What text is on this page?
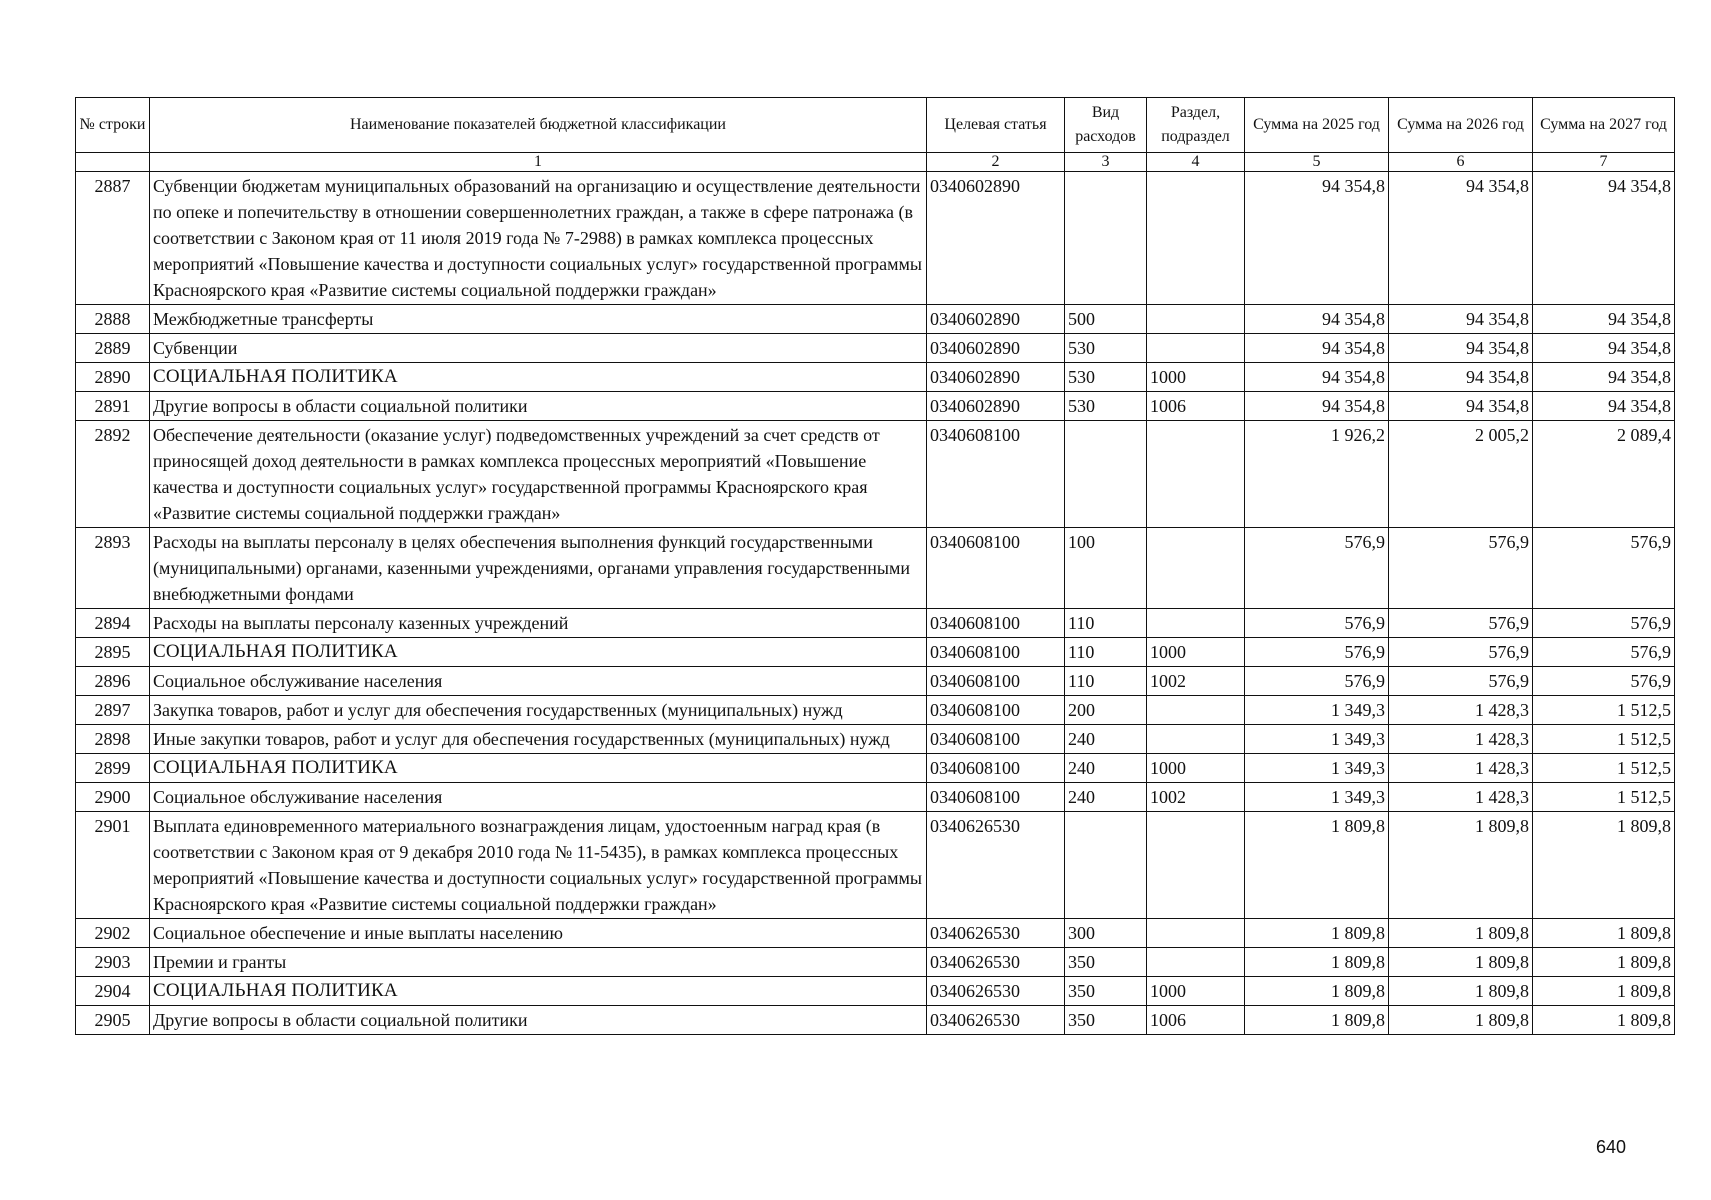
№ строки	Наименование показателей бюджетной классификации	Целевая статья	Вид расходов	Раздел, подраздел	Сумма на 2025 год	Сумма на 2026 год	Сумма на 2027 год
	1	2	3	4	5	6	7
2887	Субвенции бюджетам муниципальных образований на организацию и осуществление деятельности по опеке и попечительству в отношении совершеннолетних граждан, а также в сфере патронажа (в соответствии с Законом края от 11 июля 2019 года № 7-2988) в рамках комплекса процессных мероприятий «Повышение качества и доступности социальных услуг» государственной программы Красноярского края «Развитие системы социальной поддержки граждан»	0340602890			94 354,8	94 354,8	94 354,8
2888	Межбюджетные трансферты	0340602890	500		94 354,8	94 354,8	94 354,8
2889	Субвенции	0340602890	530		94 354,8	94 354,8	94 354,8
2890	СОЦИАЛЬНАЯ ПОЛИТИКА	0340602890	530	1000	94 354,8	94 354,8	94 354,8
2891	Другие вопросы в области социальной политики	0340602890	530	1006	94 354,8	94 354,8	94 354,8
2892	Обеспечение деятельности (оказание услуг) подведомственных учреждений за счет средств от приносящей доход деятельности в рамках комплекса процессных мероприятий «Повышение качества и доступности социальных услуг» государственной программы Красноярского края «Развитие системы социальной поддержки граждан»	0340608100			1 926,2	2 005,2	2 089,4
2893	Расходы на выплаты персоналу в целях обеспечения выполнения функций государственными (муниципальными) органами, казенными учреждениями, органами управления государственными внебюджетными фондами	0340608100	100		576,9	576,9	576,9
2894	Расходы на выплаты персоналу казенных учреждений	0340608100	110		576,9	576,9	576,9
2895	СОЦИАЛЬНАЯ ПОЛИТИКА	0340608100	110	1000	576,9	576,9	576,9
2896	Социальное обслуживание населения	0340608100	110	1002	576,9	576,9	576,9
2897	Закупка товаров, работ и услуг для обеспечения государственных (муниципальных) нужд	0340608100	200		1 349,3	1 428,3	1 512,5
2898	Иные закупки товаров, работ и услуг для обеспечения государственных (муниципальных) нужд	0340608100	240		1 349,3	1 428,3	1 512,5
2899	СОЦИАЛЬНАЯ ПОЛИТИКА	0340608100	240	1000	1 349,3	1 428,3	1 512,5
2900	Социальное обслуживание населения	0340608100	240	1002	1 349,3	1 428,3	1 512,5
2901	Выплата единовременного материального вознаграждения лицам, удостоенным наград края (в соответствии с Законом края от 9 декабря 2010 года № 11-5435), в рамках комплекса процессных мероприятий «Повышение качества и доступности социальных услуг» государственной программы Красноярского края «Развитие системы социальной поддержки граждан»	0340626530			1 809,8	1 809,8	1 809,8
2902	Социальное обеспечение и иные выплаты населению	0340626530	300		1 809,8	1 809,8	1 809,8
2903	Премии и гранты	0340626530	350		1 809,8	1 809,8	1 809,8
2904	СОЦИАЛЬНАЯ ПОЛИТИКА	0340626530	350	1000	1 809,8	1 809,8	1 809,8
2905	Другие вопросы в области социальной политики	0340626530	350	1006	1 809,8	1 809,8	1 809,8
640
